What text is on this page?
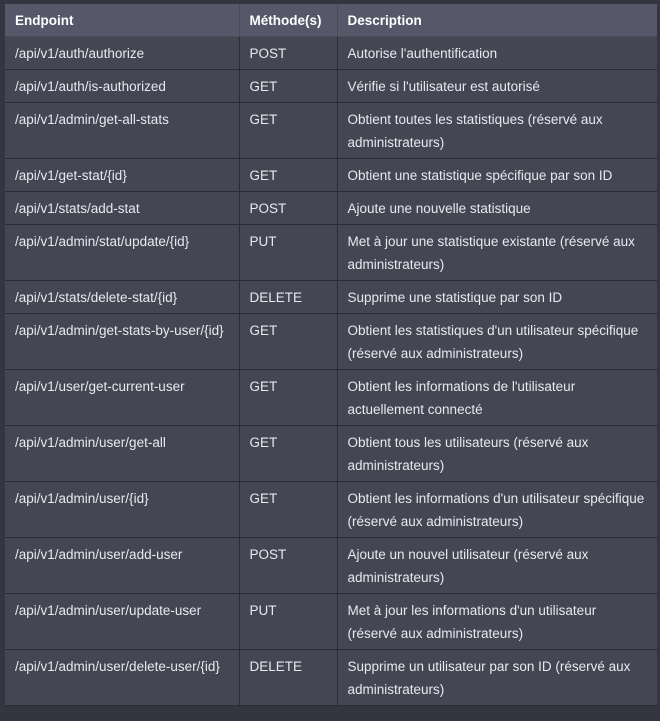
Endpoint	Méthode(s)	Description
/api/v1/auth/authorize	POST	Autorise l'authentification
/api/v1/auth/is-authorized	GET	Vérifie si l'utilisateur est autorisé
/api/v1/admin/get-all-stats	GET	Obtient toutes les statistiques (réservé aux administrateurs)
/api/v1/get-stat/{id}	GET	Obtient une statistique spécifique par son ID
/api/v1/stats/add-stat	POST	Ajoute une nouvelle statistique
/api/v1/admin/stat/update/{id}	PUT	Met à jour une statistique existante (réservé aux administrateurs)
/api/v1/stats/delete-stat/{id}	DELETE	Supprime une statistique par son ID
/api/v1/admin/get-stats-by-user/{id}	GET	Obtient les statistiques d'un utilisateur spécifique (réservé aux administrateurs)
/api/v1/user/get-current-user	GET	Obtient les informations de l'utilisateur actuellement connecté
/api/v1/admin/user/get-all	GET	Obtient tous les utilisateurs (réservé aux administrateurs)
/api/v1/admin/user/{id}	GET	Obtient les informations d'un utilisateur spécifique (réservé aux administrateurs)
/api/v1/admin/user/add-user	POST	Ajoute un nouvel utilisateur (réservé aux administrateurs)
/api/v1/admin/user/update-user	PUT	Met à jour les informations d'un utilisateur (réservé aux administrateurs)
/api/v1/admin/user/delete-user/{id}	DELETE	Supprime un utilisateur par son ID (réservé aux administrateurs)
